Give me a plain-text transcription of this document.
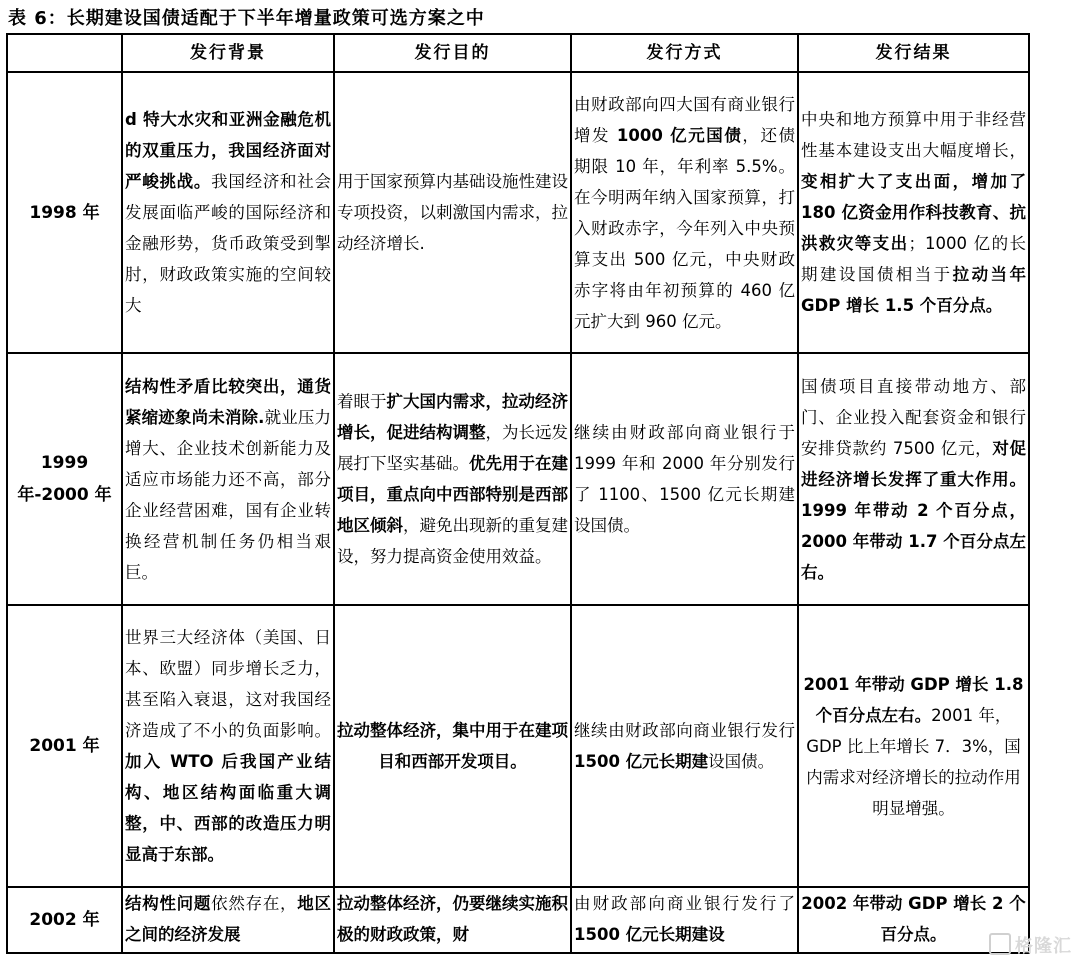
表 6：长期建设国债适配于下半年增量政策可选方案之中
	发行背景	发行目的	发行方式	发行结果
1998 年	d 特大水灾和亚洲金融危机的双重压力，我国经济面对严峻挑战。我国经济和社会发展面临严峻的国际经济和金融形势，货币政策受到掣肘，财政政策实施的空间较大	用于国家预算内基础设施性建设专项投资，以刺激国内需求，拉动经济增长.	由财政部向四大国有商业银行增发 1000 亿元国债，还债期限 10 年，年利率 5.5%。在今明两年纳入国家预算，打入财政赤字，今年列入中央预算支出 500 亿元，中央财政赤字将由年初预算的 460 亿元扩大到 960 亿元。	中央和地方预算中用于非经营性基本建设支出大幅度增长，变相扩大了支出面，增加了 180 亿资金用作科技教育、抗洪救灾等支出；1000 亿的长期建设国债相当于拉动当年 GDP 增长 1.5 个百分点。
1999 年-2000 年	结构性矛盾比较突出，通货紧缩迹象尚未消除.就业压力增大、企业技术创新能力及适应市场能力还不高，部分企业经营困难，国有企业转换经营机制任务仍相当艰巨。	着眼于扩大国内需求，拉动经济增长，促进结构调整，为长远发展打下坚实基础。优先用于在建项目，重点向中西部特别是西部地区倾斜，避免出现新的重复建设，努力提高资金使用效益。	继续由财政部向商业银行于 1999 年和 2000 年分别发行了 1100、1500 亿元长期建设国债。	国债项目直接带动地方、部门、企业投入配套资金和银行安排贷款约 7500 亿元，对促进经济增长发挥了重大作用。1999 年带动 2 个百分点，2000 年带动 1.7 个百分点左右。
2001 年	世界三大经济体（美国、日本、欧盟）同步增长乏力，甚至陷入衰退，这对我国经济造成了不小的负面影响。加入 WTO 后我国产业结构、地区结构面临重大调整，中、西部的改造压力明显高于东部。	拉动整体经济，集中用于在建项目和西部开发项目。	继续由财政部向商业银行发行 1500 亿元长期建设国债。	2001 年带动 GDP 增长 1.8 个百分点左右。2001 年，GDP 比上年增长 7．3%，国内需求对经济增长的拉动作用明显增强。
2002 年	结构性问题依然存在，地区之间的经济发展	拉动整体经济，仍要继续实施积极的财政政策，财	由财政部向商业银行发行了 1500 亿元长期建设	2002 年带动 GDP 增长 2 个百分点。
格隆汇
